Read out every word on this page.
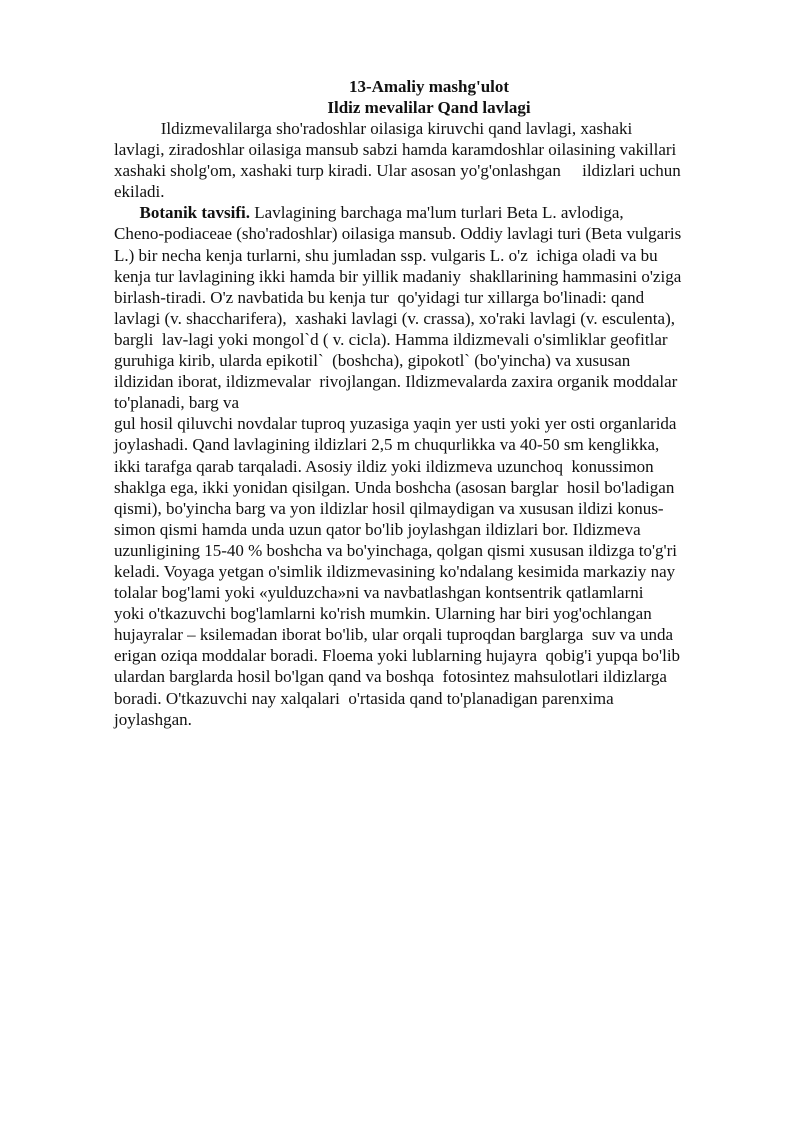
13-Amaliy mashg'ulot

Ildiz mevalilar Qand lavlagi

Ildizmevalilarga sho'radoshlar oilasiga kiruvchi qand lavlagi, xashaki

lavlagi, ziradoshlar oilasiga mansub sabzi hamda karamdoshlar oilasining vakillari

xashaki sholg'om, xashaki turp kiradi. Ular asosan yo'g'onlashgan     ildizlari uchun

ekiladi.

Botanik tavsifi. Lavlagining barchaga ma'lum turlari Beta L. avlodiga,

Cheno-podiaceae (sho'radoshlar) oilasiga mansub. Oddiy lavlagi turi (Beta vulgaris

L.) bir necha kenja turlarni, shu jumladan ssp. vulgaris L. o'z  ichiga oladi va bu

kenja tur lavlagining ikki hamda bir yillik madaniy  shakllarining hammasini o'ziga

birlash-tiradi. O'z navbatida bu kenja tur  qo'yidagi tur xillarga bo'linadi: qand

lavlagi (v. shaccharifera),  xashaki lavlagi (v. crassa), xo'raki lavlagi (v. esculenta),

bargli  lav-lagi yoki mongol`d ( v. cicla). Hamma ildizmevali o'simliklar geofitlar

guruhiga kirib, ularda epikotil`  (boshcha), gipokotl` (bo'yincha) va xususan

ildizidan iborat, ildizmevalar  rivojlangan. Ildizmevalarda zaxira organik moddalar

to'planadi, barg va

gul hosil qiluvchi novdalar tuproq yuzasiga yaqin yer usti yoki yer osti organlarida

joylashadi. Qand lavlagining ildizlari 2,5 m chuqurlikka va 40-50 sm kenglikka,

ikki tarafga qarab tarqaladi. Asosiy ildiz yoki ildizmeva uzunchoq  konussimon

shaklga ega, ikki yonidan qisilgan. Unda boshcha (asosan barglar  hosil bo'ladigan

qismi), bo'yincha barg va yon ildizlar hosil qilmaydigan va xususan ildizi konus-

simon qismi hamda unda uzun qator bo'lib joylashgan ildizlari bor. Ildizmeva

uzunligining 15-40 % boshcha va bo'yinchaga, qolgan qismi xususan ildizga to'g'ri

keladi. Voyaga yetgan o'simlik ildizmevasining ko'ndalang kesimida markaziy nay

tolalar bog'lami yoki «yulduzcha»ni va navbatlashgan kontsentrik qatlamlarni

yoki o'tkazuvchi bog'lamlarni ko'rish mumkin. Ularning har biri yog'ochlangan

hujayralar – ksilemadan iborat bo'lib, ular orqali tuproqdan barglarga  suv va unda

erigan oziqa moddalar boradi. Floema yoki lublarning hujayra  qobig'i yupqa bo'lib

ulardan barglarda hosil bo'lgan qand va boshqa  fotosintez mahsulotlari ildizlarga

boradi. O'tkazuvchi nay xalqalari  o'rtasida qand to'planadigan parenxima

joylashgan.
